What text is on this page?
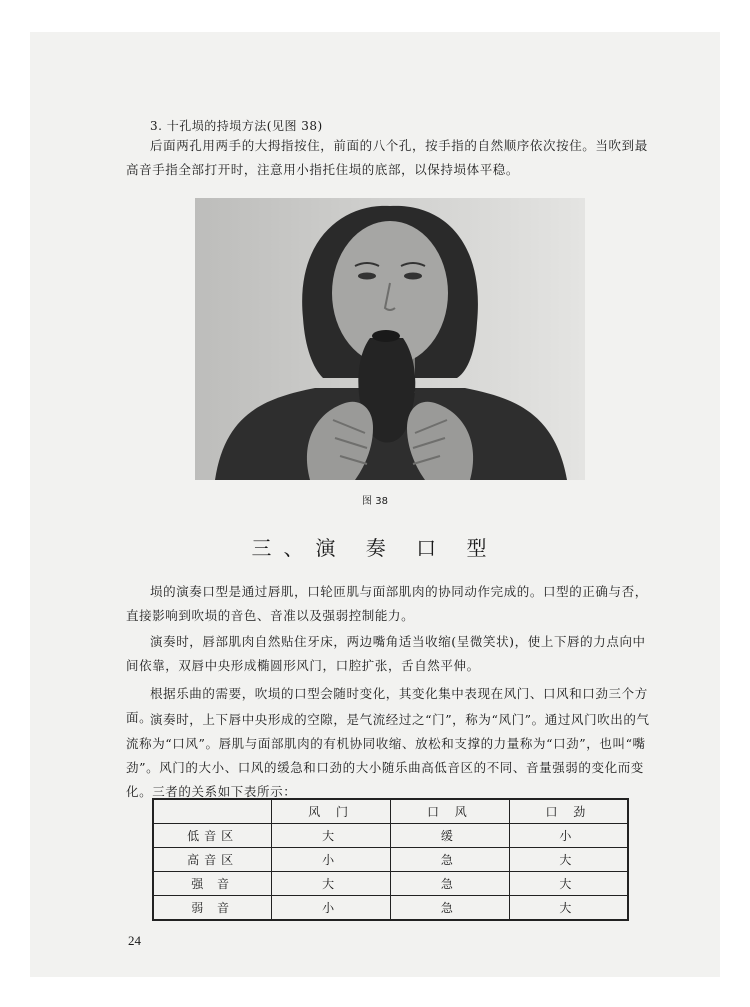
3. 十孔埙的持埙方法(见图 38)

后面两孔用两手的大拇指按住，前面的八个孔，按手指的自然顺序依次按住。当吹到最高音手指全部打开时，注意用小指托住埙的底部，以保持埙体平稳。

图 38
三、演 奏 口 型

埙的演奏口型是通过唇肌，口轮匝肌与面部肌肉的协同动作完成的。口型的正确与否，直接影响到吹埙的音色、音准以及强弱控制能力。

演奏时，唇部肌肉自然贴住牙床，两边嘴角适当收缩(呈微笑状)，使上下唇的力点向中间依靠，双唇中央形成椭圆形风门，口腔扩张，舌自然平伸。

根据乐曲的需要，吹埙的口型会随时变化，其变化集中表现在风门、口风和口劲三个方面。

演奏时，上下唇中央形成的空隙，是气流经过之“门”，称为“风门”。通过风门吹出的气流称为“口风”。唇肌与面部肌肉的有机协同收缩、放松和支撑的力量称为“口劲”，也叫“嘴劲”。风门的大小、口风的缓急和口劲的大小随乐曲高低音区的不同、音量强弱的变化而变化。三者的关系如下表所示：

	风 门	口 风	口 劲
低音区	大	缓	小
高音区	小	急	大
强 音	大	急	大
弱 音	小	急	大
24
